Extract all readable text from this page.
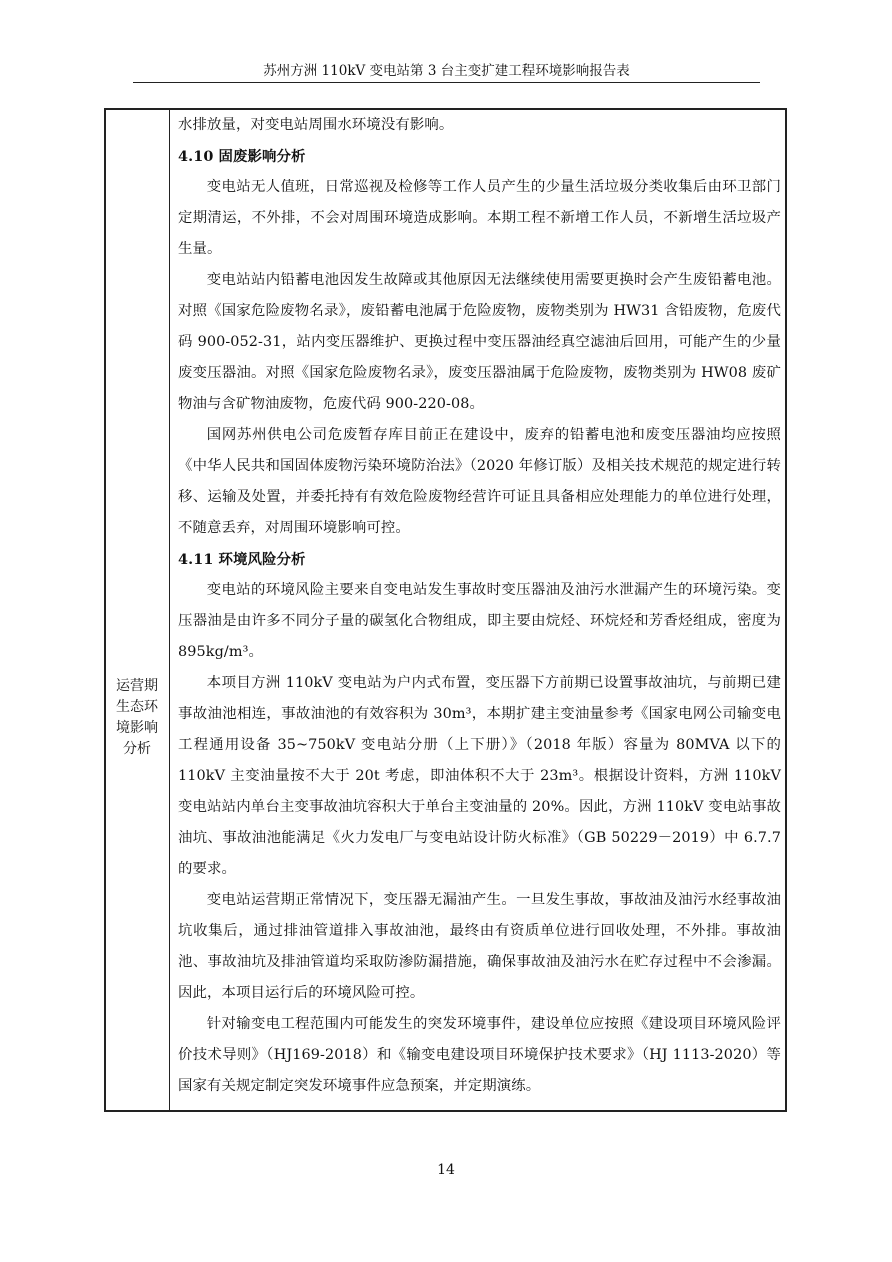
苏州方洲 110kV 变电站第 3 台主变扩建工程环境影响报告表
运营期
生态环
境影响
分析

水排放量，对变电站周围水环境没有影响。

4.10 固废影响分析

变电站无人值班，日常巡视及检修等工作人员产生的少量生活垃圾分类收集后由环卫部门定期清运，不外排，不会对周围环境造成影响。本期工程不新增工作人员，不新增生活垃圾产生量。

变电站站内铅蓄电池因发生故障或其他原因无法继续使用需要更换时会产生废铅蓄电池。对照《国家危险废物名录》，废铅蓄电池属于危险废物，废物类别为 HW31 含铅废物，危废代码 900-052-31，站内变压器维护、更换过程中变压器油经真空滤油后回用，可能产生的少量废变压器油。对照《国家危险废物名录》，废变压器油属于危险废物，废物类别为 HW08 废矿物油与含矿物油废物，危废代码 900-220-08。

国网苏州供电公司危废暂存库目前正在建设中，废弃的铅蓄电池和废变压器油均应按照《中华人民共和国固体废物污染环境防治法》（2020 年修订版）及相关技术规范的规定进行转移、运输及处置，并委托持有有效危险废物经营许可证且具备相应处理能力的单位进行处理，不随意丢弃，对周围环境影响可控。

4.11 环境风险分析

变电站的环境风险主要来自变电站发生事故时变压器油及油污水泄漏产生的环境污染。变压器油是由许多不同分子量的碳氢化合物组成，即主要由烷烃、环烷烃和芳香烃组成，密度为 895kg/m³。

本项目方洲 110kV 变电站为户内式布置，变压器下方前期已设置事故油坑，与前期已建事故油池相连，事故油池的有效容积为 30m³，本期扩建主变油量参考《国家电网公司输变电工程通用设备 35~750kV 变电站分册（上下册）》（2018 年版）容量为 80MVA 以下的 110kV 主变油量按不大于 20t 考虑，即油体积不大于 23m³。根据设计资料，方洲 110kV 变电站站内单台主变事故油坑容积大于单台主变油量的 20%。因此，方洲 110kV 变电站事故油坑、事故油池能满足《火力发电厂与变电站设计防火标准》（GB 50229－2019）中 6.7.7 的要求。

变电站运营期正常情况下，变压器无漏油产生。一旦发生事故，事故油及油污水经事故油坑收集后，通过排油管道排入事故油池，最终由有资质单位进行回收处理，不外排。事故油池、事故油坑及排油管道均采取防渗防漏措施，确保事故油及油污水在贮存过程中不会渗漏。因此，本项目运行后的环境风险可控。

针对输变电工程范围内可能发生的突发环境事件，建设单位应按照《建设项目环境风险评价技术导则》（HJ169-2018）和《输变电建设项目环境保护技术要求》（HJ 1113-2020）等国家有关规定制定突发环境事件应急预案，并定期演练。

14
